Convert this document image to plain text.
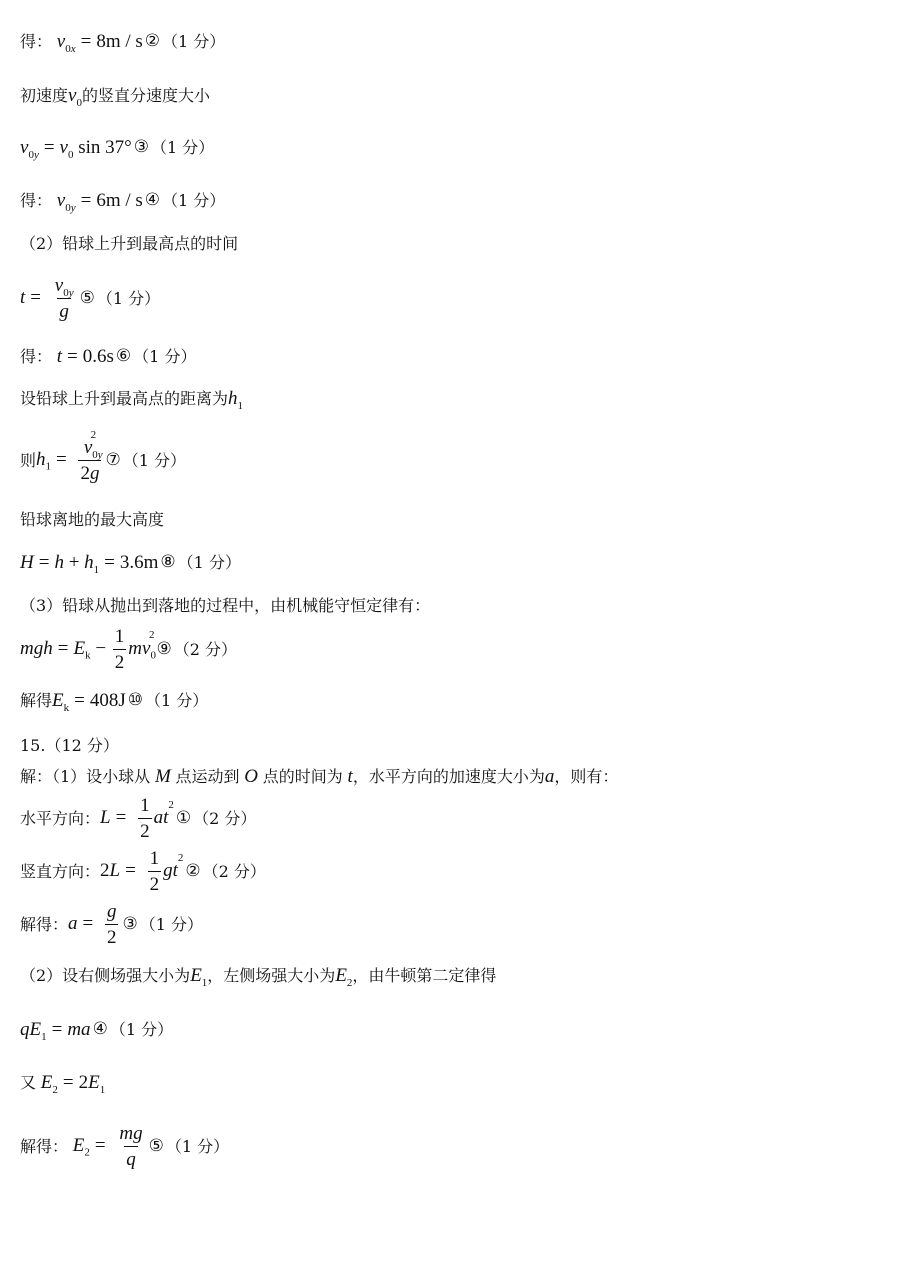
得： $v_{0x} = 8m / s$ ② （1 分）
初速度 $v_0$ 的竖直分速度大小
$v_{0y} = v_0$ sin 37° ③ （1 分）
得： $v_{0y} = 6m / s$ ④ （1 分）
（2）铅球上升到最高点的时间
$t = \frac{v_{0y}}{g}$ ⑤ （1 分）
得： t = 0.6s ⑥ （1 分）
设铅球上升到最高点的距离为 $h_1$
则 $h_1 = \frac{v_{0y}^2}{2g}$ ⑦ （1 分）
铅球离地的最大高度
$H = h + h_1 = 3.6m$ ⑧ （1 分）
（3）铅球从抛出到落地的过程中，由机械能守恒定律有：
mgh = $E_k - \frac{1}{2} mv_0^2$
⑨ （2 分）
解得 $E_k = 408J$ ⑩ （1 分）
15.（12 分）
解：（1）设小球从 M 点运动到 O 点的时间为 t ，水平方向的加速度大小为 a ，则有：
水平方向： $L = \frac{1}{2} at^2$
① （2 分）
竖直方向： $2L = \frac{1}{2} gt^2$
② （2 分）
解得： $a = \frac{g}{2}$ ③ （1 分）
（2）设右侧场强大小为 $E_1$ ，左侧场强大小为 $E_2$ ，由牛顿第二定律得
$qE_1$ = ma ④ （1 分）
又 $E_2 = 2E_1$
解得： $E_2 = \frac{mg}{q}$ ⑤ （1 分）
